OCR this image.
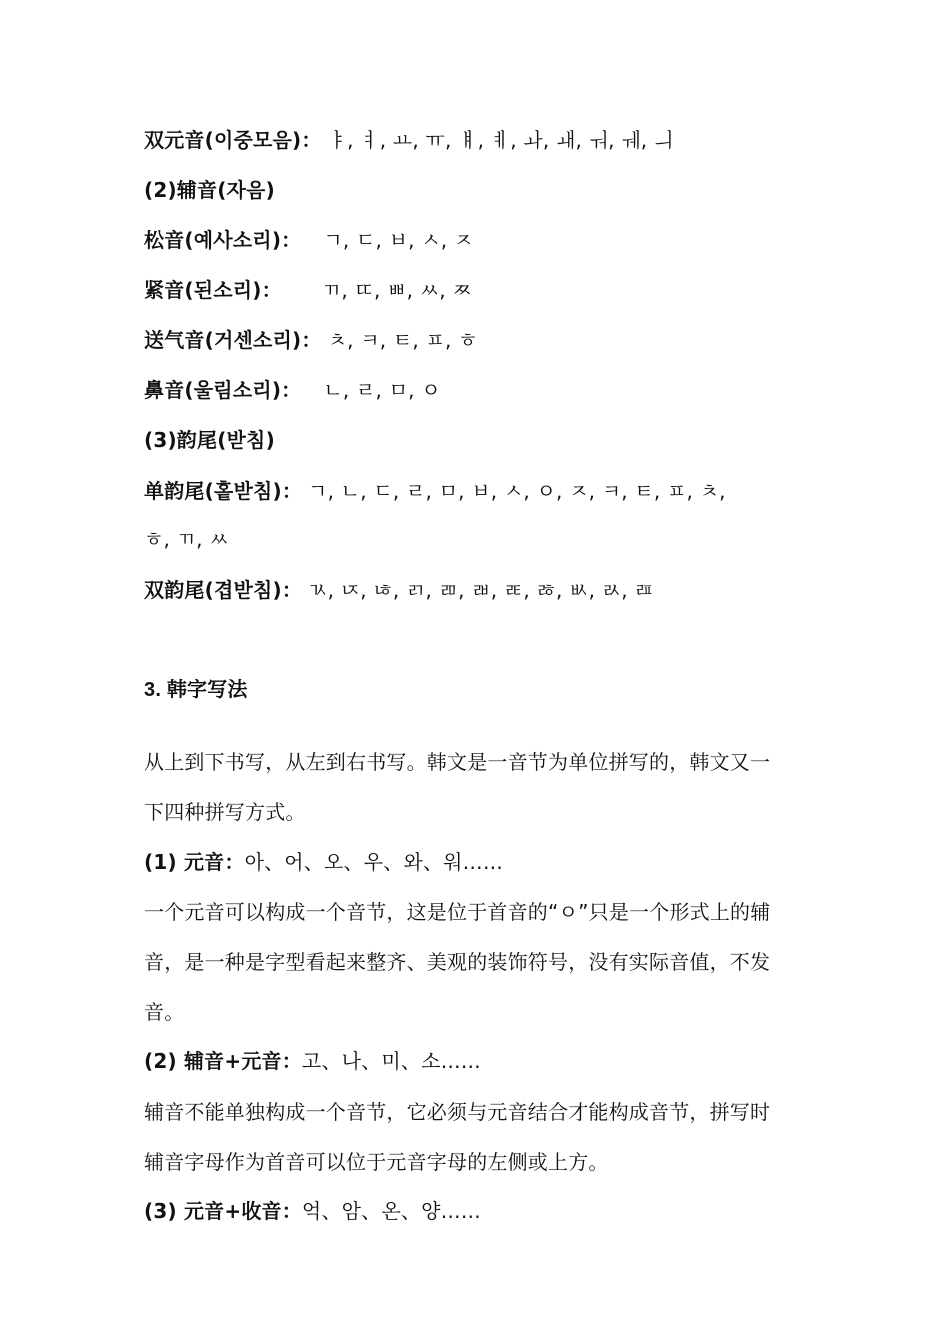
双元音(이중모음)： ㅑ, ㅕ, ㅛ, ㅠ, ㅒ, ㅖ, ㅘ, ㅙ, ㅝ, ㅞ, ㅢ
(2)辅音(자음)
松音(예사소리)： ㄱ, ㄷ, ㅂ, ㅅ, ㅈ
紧音(된소리)： ㄲ, ㄸ, ㅃ, ㅆ, ㅉ
送气音(거센소리)： ㅊ, ㅋ, ㅌ, ㅍ, ㅎ
鼻音(울림소리)： ㄴ, ㄹ, ㅁ, ㅇ
(3)韵尾(받침)
单韵尾(홑받침)： ㄱ, ㄴ, ㄷ, ㄹ, ㅁ, ㅂ, ㅅ, ㅇ, ㅈ, ㅋ, ㅌ, ㅍ, ㅊ,
ㅎ, ㄲ, ㅆ
双韵尾(겹받침)： ㄳ, ㄵ, ㄶ, ㄺ, ㄻ, ㄼ, ㄾ, ㅀ, ㅄ, ㄽ, ㄿ
3. 韩字写法
从上到下书写，从左到右书写。韩文是一音节为单位拼写的，韩文又一
下四种拼写方式。
(1) 元音：아、어、오、우、와、워……
一个元音可以构成一个音节，这是位于首音的“ㅇ”只是一个形式上的辅
音，是一种是字型看起来整齐、美观的装饰符号，没有实际音值，不发
音。
(2) 辅音+元音：고、나、미、소……
辅音不能单独构成一个音节，它必须与元音结合才能构成音节，拼写时
辅音字母作为首音可以位于元音字母的左侧或上方。
(3) 元音+收音：억、암、온、양……
